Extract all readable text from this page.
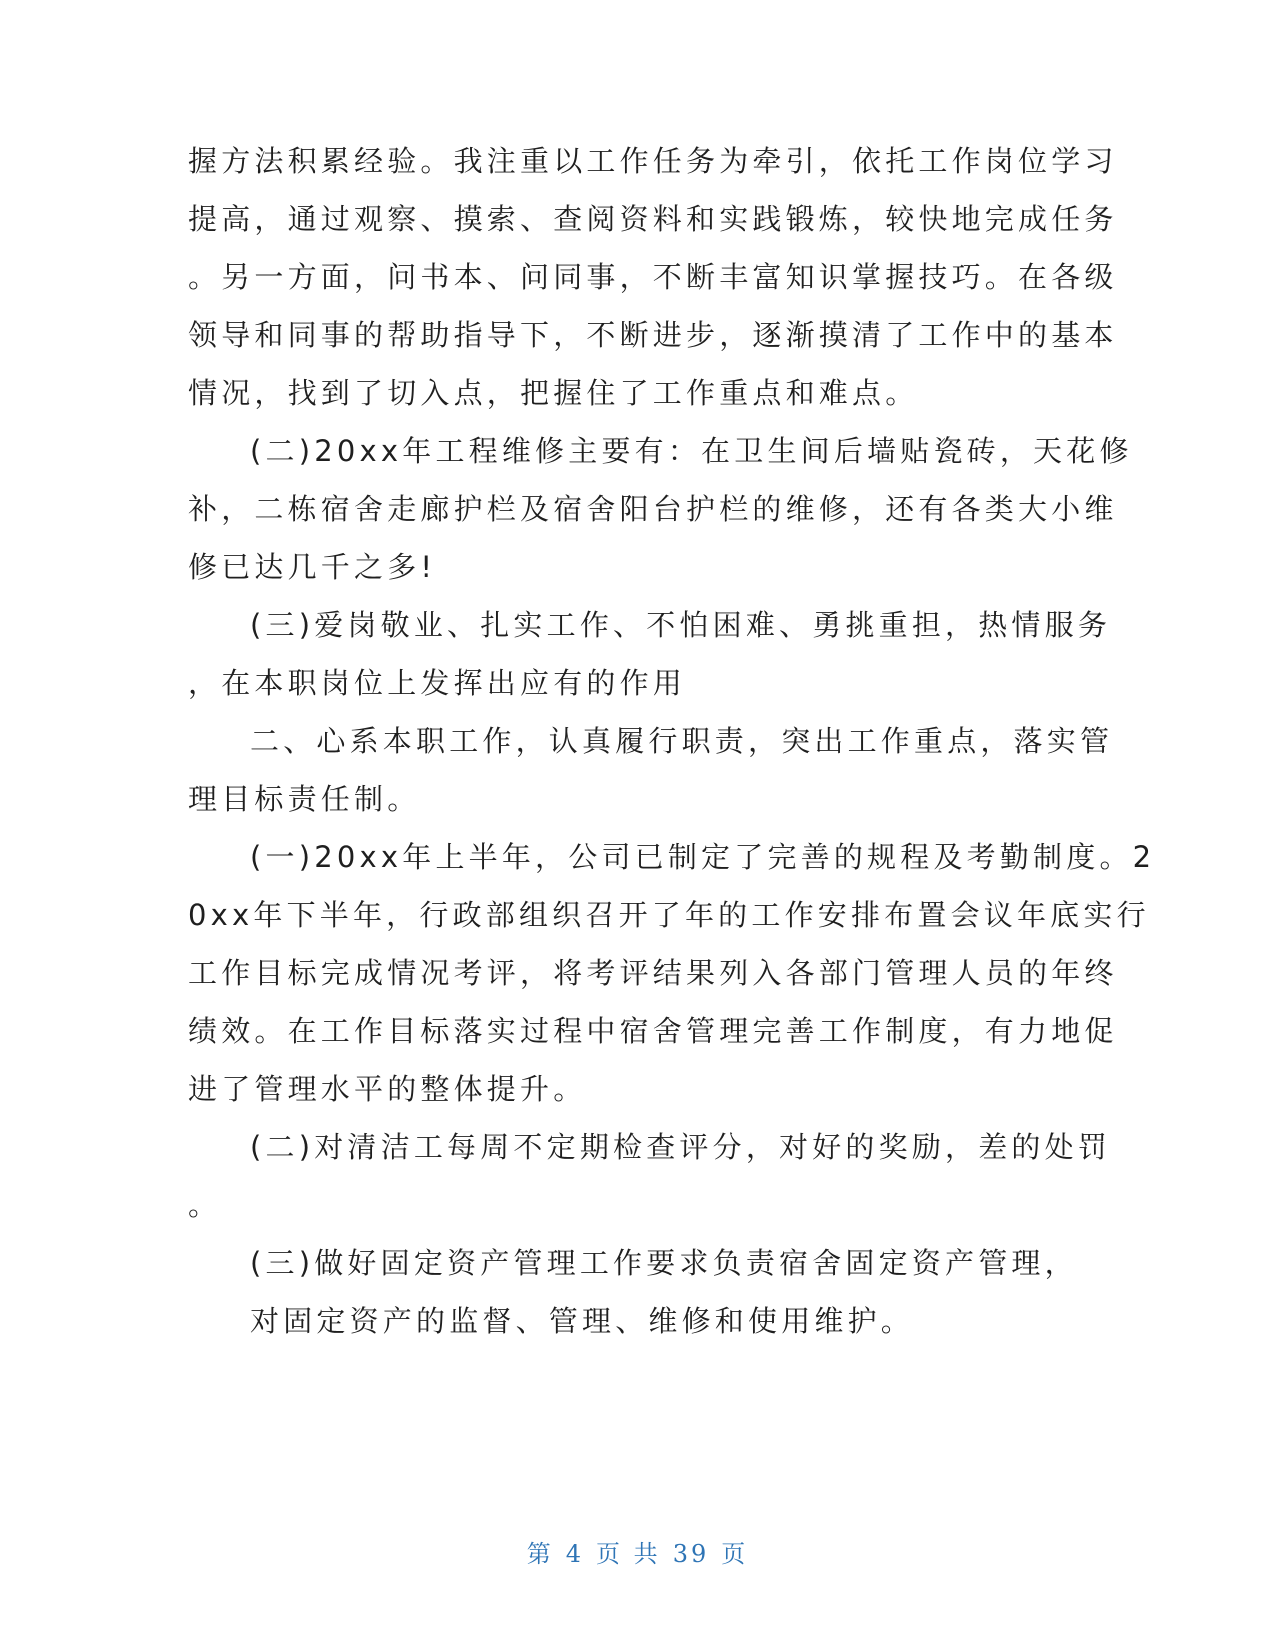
握方法积累经验。我注重以工作任务为牵引，依托工作岗位学习

提高，通过观察、摸索、查阅资料和实践锻炼，较快地完成任务

。另一方面，问书本、问同事，不断丰富知识掌握技巧。在各级

领导和同事的帮助指导下，不断进步，逐渐摸清了工作中的基本

情况，找到了切入点，把握住了工作重点和难点。

(二)20xx年工程维修主要有：在卫生间后墙贴瓷砖，天花修

补，二栋宿舍走廊护栏及宿舍阳台护栏的维修，还有各类大小维

修已达几千之多!

(三)爱岗敬业、扎实工作、不怕困难、勇挑重担，热情服务

，在本职岗位上发挥出应有的作用

二、心系本职工作，认真履行职责，突出工作重点，落实管

理目标责任制。

(一)20xx年上半年，公司已制定了完善的规程及考勤制度。2

0xx年下半年，行政部组织召开了年的工作安排布置会议年底实行

工作目标完成情况考评，将考评结果列入各部门管理人员的年终

绩效。在工作目标落实过程中宿舍管理完善工作制度，有力地促

进了管理水平的整体提升。

(二)对清洁工每周不定期检查评分，对好的奖励，差的处罚

。

(三)做好固定资产管理工作要求负责宿舍固定资产管理，

对固定资产的监督、管理、维修和使用维护。

第 4 页 共 39 页
